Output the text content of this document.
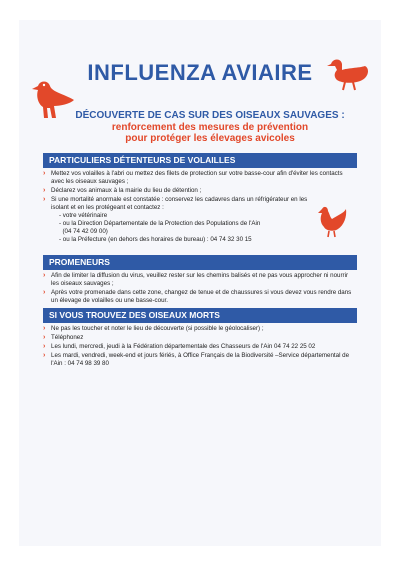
INFLUENZA AVIAIRE
DÉCOUVERTE DE CAS SUR DES OISEAUX SAUVAGES :
renforcement des mesures de prévention
pour protéger les élevages avicoles
PARTICULIERS DÉTENTEURS DE VOLAILLES
› Mettez vos volailles à l'abri ou mettez des filets de protection sur votre basse-cour afin d'éviter les contacts avec les oiseaux sauvages ;
› Déclarez vos animaux à la mairie du lieu de détention ;
› Si une mortalité anormale est constatée : conservez les cadavres dans un réfrigérateur en les isolant et en les protégeant et contactez :
- votre vétérinaire
- ou la Direction Départementale de la Protection des Populations de l'Ain
(04 74 42 09 00)
- ou la Préfecture (en dehors des horaires de bureau) : 04 74 32 30 15
PROMENEURS
› Afin de limiter la diffusion du virus, veuillez rester sur les chemins balisés et ne pas vous approcher ni nourrir les oiseaux sauvages ;
› Après votre promenade dans cette zone, changez de tenue et de chaussures si vous devez vous rendre dans un élevage de volailles ou une basse-cour.
SI VOUS TROUVEZ DES OISEAUX MORTS
› Ne pas les toucher et noter le lieu de découverte (si possible le géolocaliser) ;
› Téléphonez
› Les lundi, mercredi, jeudi à la Fédération départementale des Chasseurs de l'Ain 04 74 22 25 02
› Les mardi, vendredi, week-end et jours fériés, à Office Français de la Biodiversité –Service départemental de l'Ain : 04 74 98 39 80
